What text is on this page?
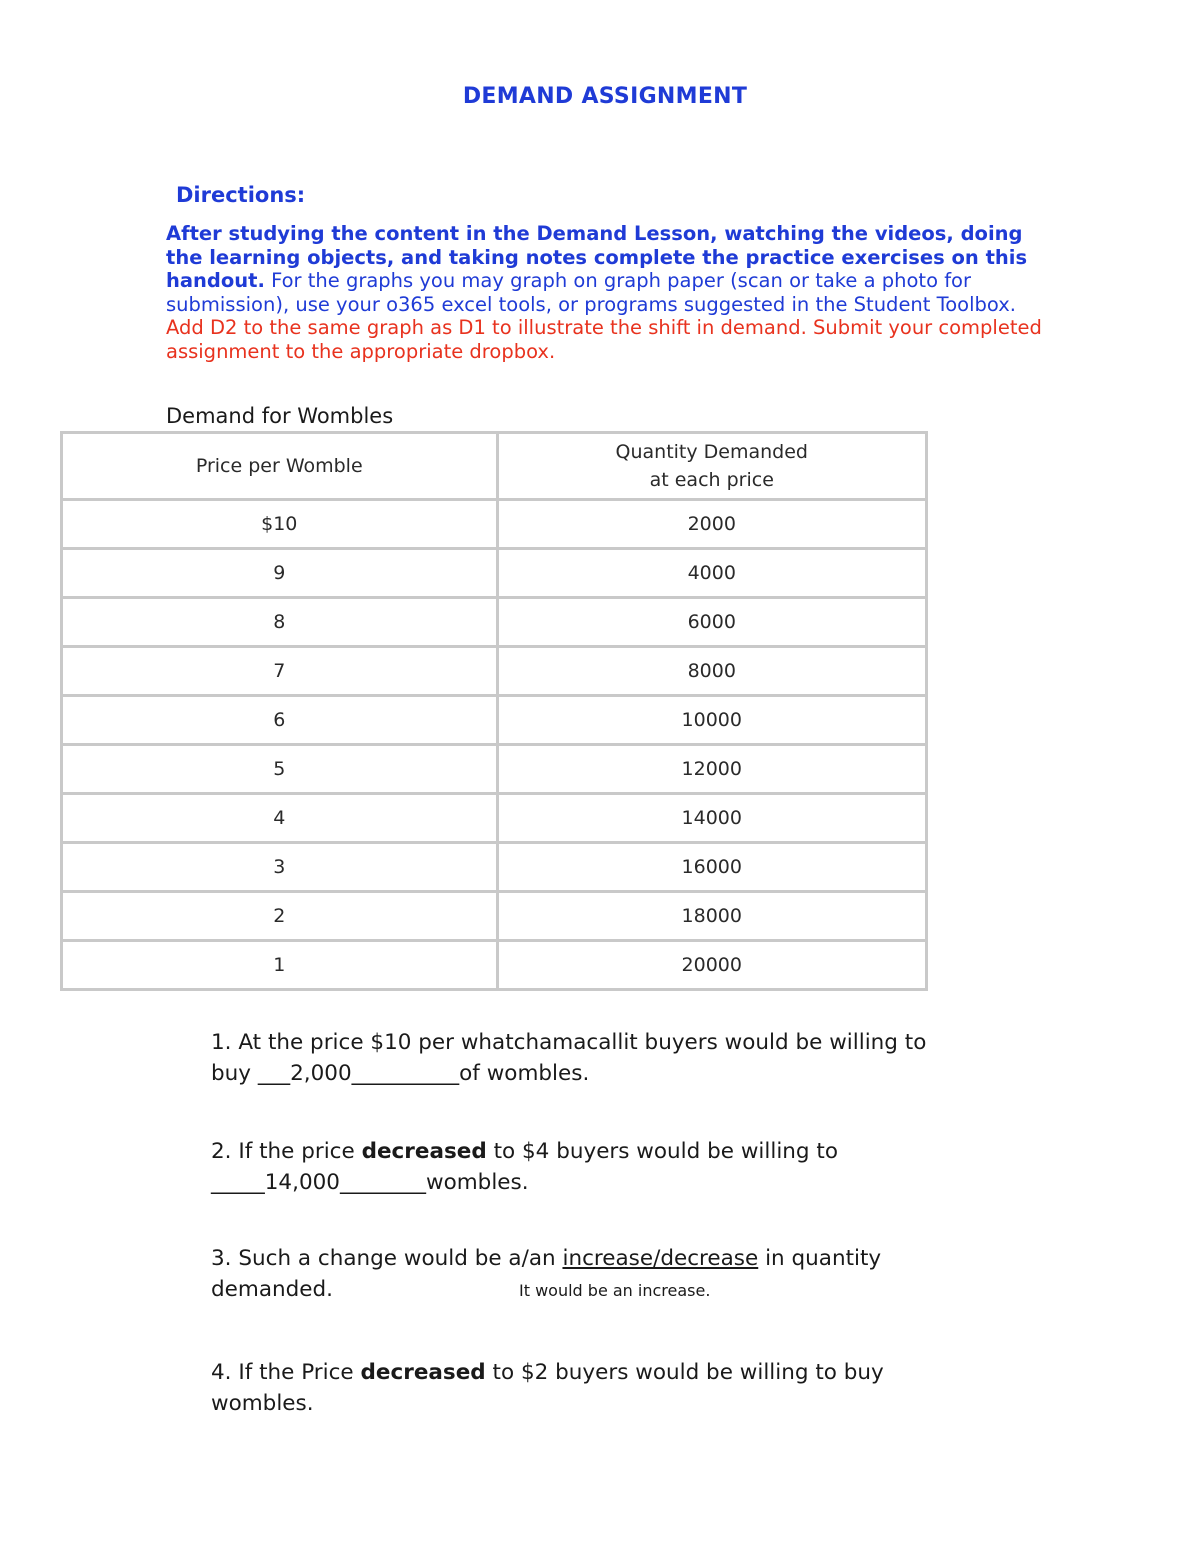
DEMAND ASSIGNMENT
Directions:
After studying the content in the Demand Lesson, watching the videos, doing the learning objects, and taking notes complete the practice exercises on this handout. For the graphs you may graph on graph paper (scan or take a photo for submission), use your o365 excel tools, or programs suggested in the Student Toolbox. Add D2 to the same graph as D1 to illustrate the shift in demand. Submit your completed assignment to the appropriate dropbox.
Demand for Wombles
Price per Womble	Quantity Demanded
at each price
$10	2000
9	4000
8	6000
7	8000
6	10000
5	12000
4	14000
3	16000
2	18000
1	20000
1. At the price $10 per whatchamacallit buyers would be willing to
buy ___2,000__________of wombles.
2. If the price decreased to $4 buyers would be willing to
_____14,000________wombles.
3. Such a change would be a/an increase/decrease in quantity
demanded.	It would be an increase.
4. If the Price decreased to $2 buyers would be willing to buy
wombles.
